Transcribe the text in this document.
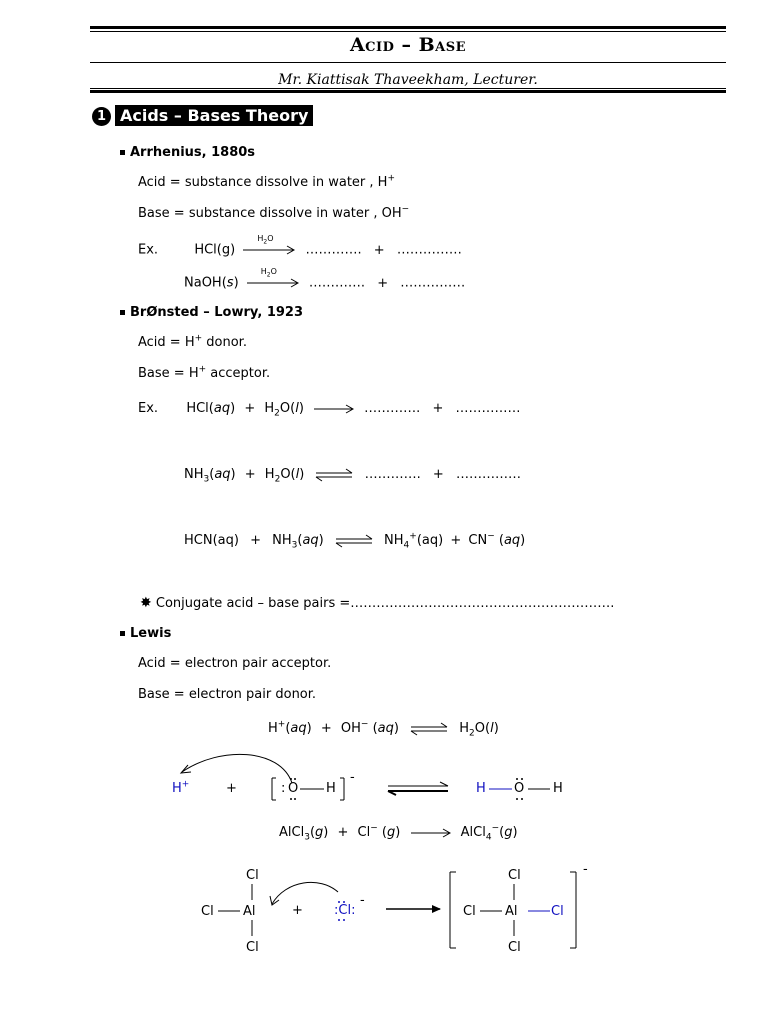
Acid – Base
Mr. Kiattisak Thaveekham, Lecturer.
1 Acids – Bases Theory
Arrhenius, 1880s
Acid = substance dissolve in water , H+
Base = substance dissolve in water , OH−
Ex.	HCl(g)
$H_2O$
…………. + ……………
NaOH(s)
$H_2O$
…………. + ……………
BrØnsted – Lowry, 1923
Acid = H+ donor.
Base = H+ acceptor.
Ex. $HCl(aq) + H_2O(l)$ → …………. + ……………
$NH_3(aq) + H_2O(l)$ ⇌ …………. + ……………
$HCN(aq) + NH_3(aq)$ ⇌ $NH_4^+(aq) + CN^-$ (aq)
✸ Conjugate acid – base pairs =…………………………………………………….
Lewis
Acid = electron pair acceptor.
Base = electron pair donor.
H+(aq) + OH− (aq) ⇌ $H_2O(l)$
H+	+	: O H
-
H O H
AlCl$_3$(g) + Cl− (g) → AlCl$_4$−(g)
Cl
Cl Al
Cl
+ :Cl:
-
Cl
Cl Al	Cl
Cl
-
